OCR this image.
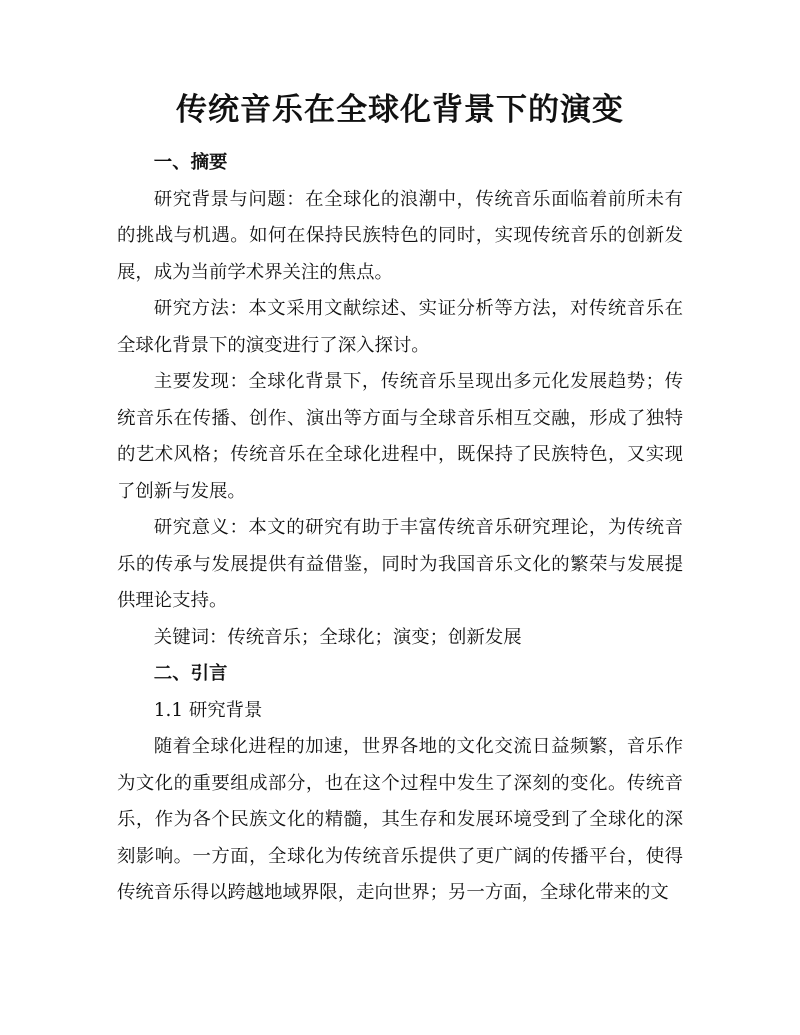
传统音乐在全球化背景下的演变

一、摘要

研究背景与问题：在全球化的浪潮中，传统音乐面临着前所未有的挑战与机遇。如何在保持民族特色的同时，实现传统音乐的创新发展，成为当前学术界关注的焦点。

研究方法：本文采用文献综述、实证分析等方法，对传统音乐在全球化背景下的演变进行了深入探讨。

主要发现：全球化背景下，传统音乐呈现出多元化发展趋势；传统音乐在传播、创作、演出等方面与全球音乐相互交融，形成了独特的艺术风格；传统音乐在全球化进程中，既保持了民族特色，又实现了创新与发展。

研究意义：本文的研究有助于丰富传统音乐研究理论，为传统音乐的传承与发展提供有益借鉴，同时为我国音乐文化的繁荣与发展提供理论支持。

关键词：传统音乐；全球化；演变；创新发展

二、引言

1.1 研究背景

随着全球化进程的加速，世界各地的文化交流日益频繁，音乐作为文化的重要组成部分，也在这个过程中发生了深刻的变化。传统音乐，作为各个民族文化的精髓，其生存和发展环境受到了全球化的深刻影响。一方面，全球化为传统音乐提供了更广阔的传播平台，使得传统音乐得以跨越地域界限，走向世界；另一方面，全球化带来的文
